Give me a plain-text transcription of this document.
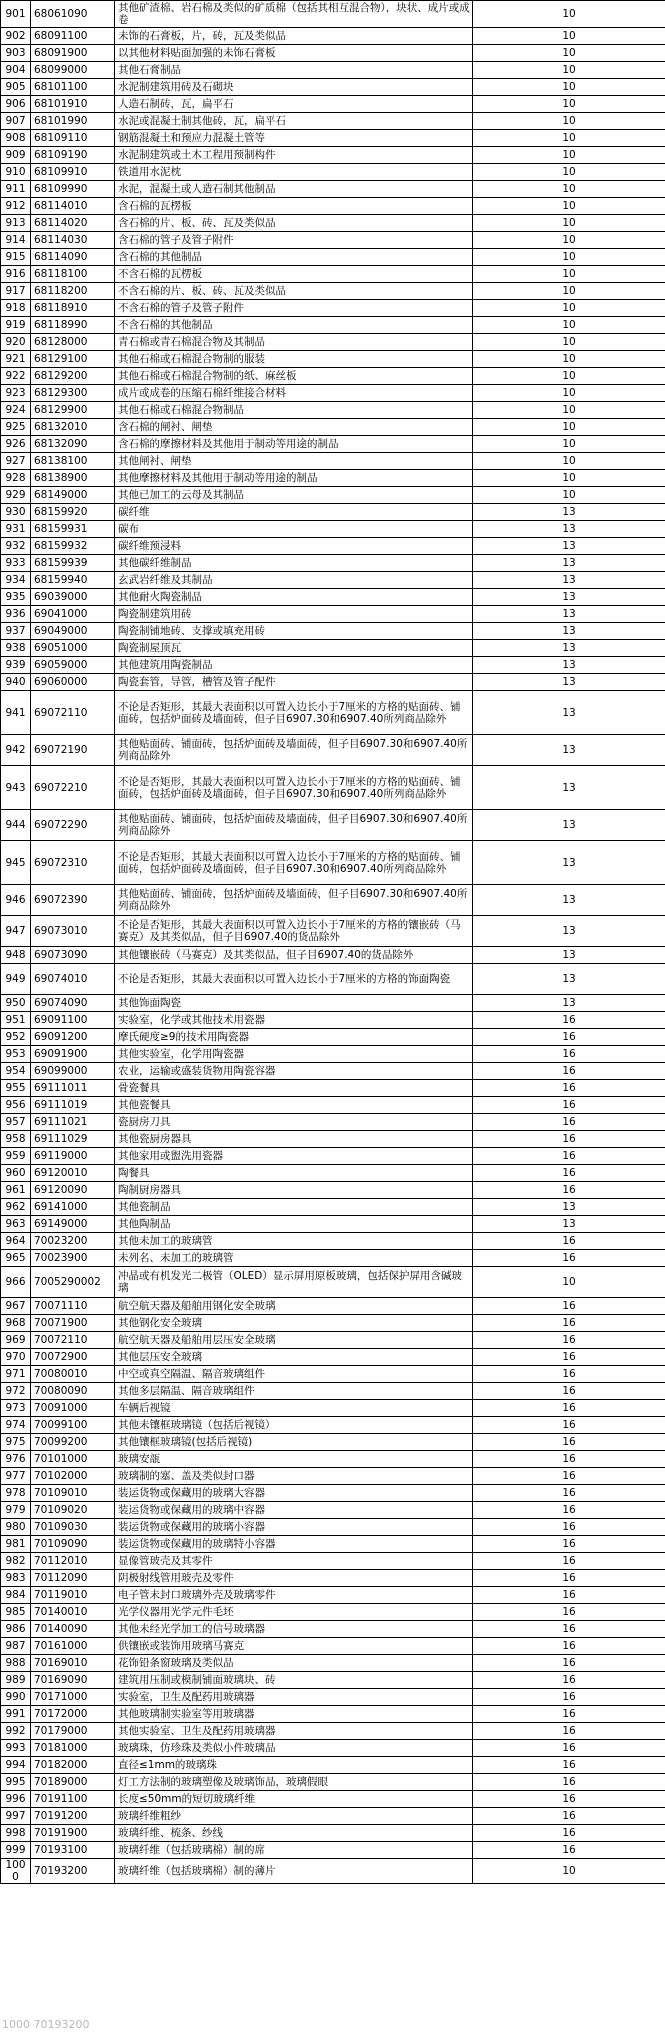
901	68061090	其他矿渣棉、岩石棉及类似的矿质棉（包括其相互混合物），块状、成片或成卷	10
902	68091100	未饰的石膏板，片，砖，瓦及类似品	10
903	68091900	以其他材料贴面加强的未饰石膏板	10
904	68099000	其他石膏制品	10
905	68101100	水泥制建筑用砖及石砌块	10
906	68101910	人造石制砖，瓦，扁平石	10
907	68101990	水泥或混凝土制其他砖，瓦，扁平石	10
908	68109110	钢筋混凝土和预应力混凝土管等	10
909	68109190	水泥制建筑或土木工程用预制构件	10
910	68109910	铁道用水泥枕	10
911	68109990	水泥，混凝土或人造石制其他制品	10
912	68114010	含石棉的瓦楞板	10
913	68114020	含石棉的片、板、砖、瓦及类似品	10
914	68114030	含石棉的管子及管子附件	10
915	68114090	含石棉的其他制品	10
916	68118100	不含石棉的瓦楞板	10
917	68118200	不含石棉的片、板、砖、瓦及类似品	10
918	68118910	不含石棉的管子及管子附件	10
919	68118990	不含石棉的其他制品	10
920	68128000	青石棉或青石棉混合物及其制品	10
921	68129100	其他石棉或石棉混合物制的服装	10
922	68129200	其他石棉或石棉混合物制的纸、麻丝板	10
923	68129300	成片或成卷的压缩石棉纤维接合材料	10
924	68129900	其他石棉或石棉混合物制品	10
925	68132010	含石棉的闸衬、闸垫	10
926	68132090	含石棉的摩擦材料及其他用于制动等用途的制品	10
927	68138100	其他闸衬、闸垫	10
928	68138900	其他摩擦材料及其他用于制动等用途的制品	10
929	68149000	其他已加工的云母及其制品	10
930	68159920	碳纤维	13
931	68159931	碳布	13
932	68159932	碳纤维预浸料	13
933	68159939	其他碳纤维制品	13
934	68159940	玄武岩纤维及其制品	13
935	69039000	其他耐火陶瓷制品	13
936	69041000	陶瓷制建筑用砖	13
937	69049000	陶瓷制铺地砖、支撑或填充用砖	13
938	69051000	陶瓷制屋顶瓦	13
939	69059000	其他建筑用陶瓷制品	13
940	69060000	陶瓷套管，导管，槽管及管子配件	13
941	69072110	不论是否矩形，其最大表面积以可置入边长小于7厘米的方格的贴面砖、铺面砖，包括炉面砖及墙面砖，但子目6907.30和6907.40所列商品除外	13
942	69072190	其他贴面砖、铺面砖，包括炉面砖及墙面砖，但子目6907.30和6907.40所列商品除外	13
943	69072210	不论是否矩形，其最大表面积以可置入边长小于7厘米的方格的贴面砖、铺面砖，包括炉面砖及墙面砖，但子目6907.30和6907.40所列商品除外	13
944	69072290	其他贴面砖、铺面砖，包括炉面砖及墙面砖，但子目6907.30和6907.40所列商品除外	13
945	69072310	不论是否矩形，其最大表面积以可置入边长小于7厘米的方格的贴面砖、铺面砖，包括炉面砖及墙面砖，但子目6907.30和6907.40所列商品除外	13
946	69072390	其他贴面砖、铺面砖，包括炉面砖及墙面砖，但子目6907.30和6907.40所列商品除外	13
947	69073010	不论是否矩形，其最大表面积以可置入边长小于7厘米的方格的镶嵌砖（马赛克）及其类似品，但子目6907.40的货品除外	13
948	69073090	其他镶嵌砖（马赛克）及其类似品，但子目6907.40的货品除外	13
949	69074010	不论是否矩形，其最大表面积以可置入边长小于7厘米的方格的饰面陶瓷	13
950	69074090	其他饰面陶瓷	13
951	69091100	实验室，化学或其他技术用瓷器	16
952	69091200	摩氏硬度≥9的技术用陶瓷器	16
953	69091900	其他实验室，化学用陶瓷器	16
954	69099000	农业，运输或盛装货物用陶瓷容器	16
955	69111011	骨瓷餐具	16
956	69111019	其他瓷餐具	16
957	69111021	瓷厨房刀具	16
958	69111029	其他瓷厨房器具	16
959	69119000	其他家用或盥洗用瓷器	16
960	69120010	陶餐具	16
961	69120090	陶制厨房器具	16
962	69141000	其他瓷制品	13
963	69149000	其他陶制品	13
964	70023200	其他未加工的玻璃管	16
965	70023900	未列名、未加工的玻璃管	16
966	7005290002	冲晶或有机发光二极管（OLED）显示屏用原板玻璃，包括保护屏用含碱玻璃	10
967	70071110	航空航天器及船舶用钢化安全玻璃	16
968	70071900	其他钢化安全玻璃	16
969	70072110	航空航天器及船舶用层压安全玻璃	16
970	70072900	其他层压安全玻璃	16
971	70080010	中空或真空隔温、隔音玻璃组件	16
972	70080090	其他多层隔温、隔音玻璃组件	16
973	70091000	车辆后视镜	16
974	70099100	其他未镶框玻璃镜（包括后视镜）	16
975	70099200	其他镶框玻璃镜(包括后视镜)	16
976	70101000	玻璃安瓿	16
977	70102000	玻璃制的塞、盖及类似封口器	16
978	70109010	装运货物或保藏用的玻璃大容器	16
979	70109020	装运货物或保藏用的玻璃中容器	16
980	70109030	装运货物或保藏用的玻璃小容器	16
981	70109090	装运货物或保藏用的玻璃特小容器	16
982	70112010	显像管玻壳及其零件	16
983	70112090	阴极射线管用玻壳及零件	16
984	70119010	电子管未封口玻璃外壳及玻璃零件	16
985	70140010	光学仪器用光学元件毛坯	16
986	70140090	其他未经光学加工的信号玻璃器	16
987	70161000	供镶嵌或装饰用玻璃马赛克	16
988	70169010	花饰铅条窗玻璃及类似品	16
989	70169090	建筑用压制或模制铺面玻璃块、砖	16
990	70171000	实验室，卫生及配药用玻璃器	16
991	70172000	其他玻璃制实验室等用玻璃器	16
992	70179000	其他实验室、卫生及配药用玻璃器	16
993	70181000	玻璃珠，仿珍珠及类似小件玻璃品	16
994	70182000	直径≤1mm的玻璃珠	16
995	70189000	灯工方法制的玻璃塑像及玻璃饰品，玻璃假眼	16
996	70191100	长度≤50mm的短切玻璃纤维	16
997	70191200	玻璃纤维粗纱	16
998	70191900	玻璃纤维、梳条、纱线	16
999	70193100	玻璃纤维（包括玻璃棉）制的席	16
1000	70193200	玻璃纤维（包括玻璃棉）制的薄片	10
1000 70193200
